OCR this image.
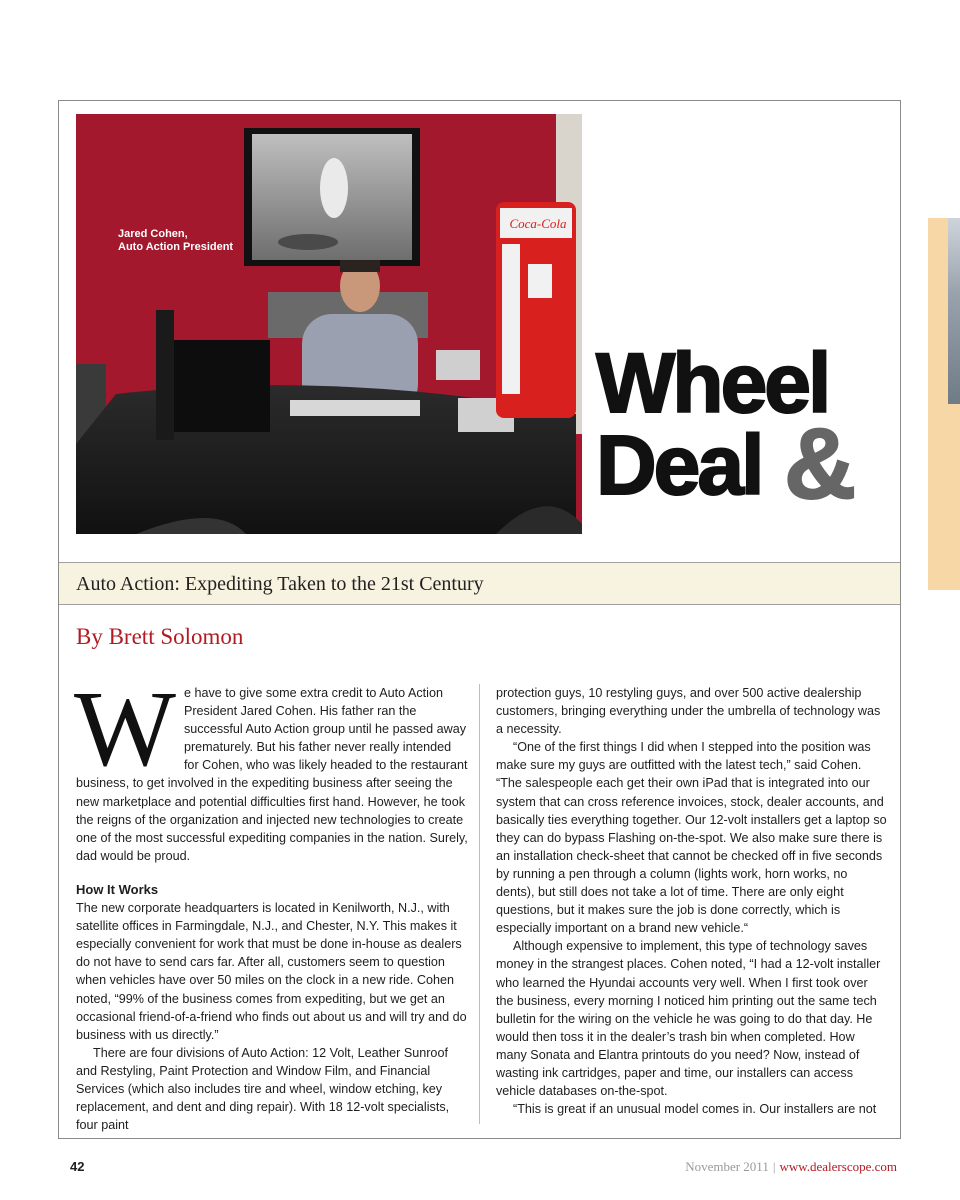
Coca-Cola
Jared Cohen,
Auto Action President
Wheel
Deal &
Auto Action: Expediting Taken to the 21st Century
By Brett Solomon

We have to give some extra credit to Auto Action President Jared Cohen. His father ran the successful Auto Action group until he passed away prematurely. But his father never really intended for Cohen, who was likely headed to the restaurant business, to get involved in the expediting business after seeing the new marketplace and potential difficulties first hand. However, he took the reigns of the organization and injected new technologies to create one of the most successful expediting companies in the nation. Surely, dad would be proud.

How It Works

The new corporate headquarters is located in Kenilworth, N.J., with satellite offices in Farmingdale, N.J., and Chester, N.Y. This makes it especially convenient for work that must be done in-house as dealers do not have to send cars far. After all, customers seem to question when vehicles have over 50 miles on the clock in a new ride. Cohen noted, “99% of the business comes from expediting, but we get an occasional friend-of-a-friend who finds out about us and will try and do business with us directly.”

There are four divisions of Auto Action: 12 Volt, Leather Sunroof and Restyling, Paint Protection and Window Film, and Financial Services (which also includes tire and wheel, window etching, key replacement, and dent and ding repair). With 18 12-volt specialists, four paint

protection guys, 10 restyling guys, and over 500 active dealership customers, bringing everything under the umbrella of technology was a necessity.

“One of the first things I did when I stepped into the position was make sure my guys are outfitted with the latest tech,” said Cohen. “The salespeople each get their own iPad that is integrated into our system that can cross reference invoices, stock, dealer accounts, and basically ties everything together. Our 12-volt installers get a laptop so they can do bypass Flashing on-the-spot. We also make sure there is an installation check-sheet that cannot be checked off in five seconds by running a pen through a column (lights work, horn works, no dents), but still does not take a lot of time. There are only eight questions, but it makes sure the job is done correctly, which is especially important on a brand new vehicle.“

Although expensive to implement, this type of technology saves money in the strangest places. Cohen noted, “I had a 12-volt installer who learned the Hyundai accounts very well. When I first took over the business, every morning I noticed him printing out the same tech bulletin for the wiring on the vehicle he was going to do that day. He would then toss it in the dealer’s trash bin when completed. How many Sonata and Elantra printouts do you need? Now, instead of wasting ink cartridges, paper and time, our installers can access vehicle databases on-the-spot.

“This is great if an unusual model comes in. Our installers are not

42	November 2011 | www.dealerscope.com
